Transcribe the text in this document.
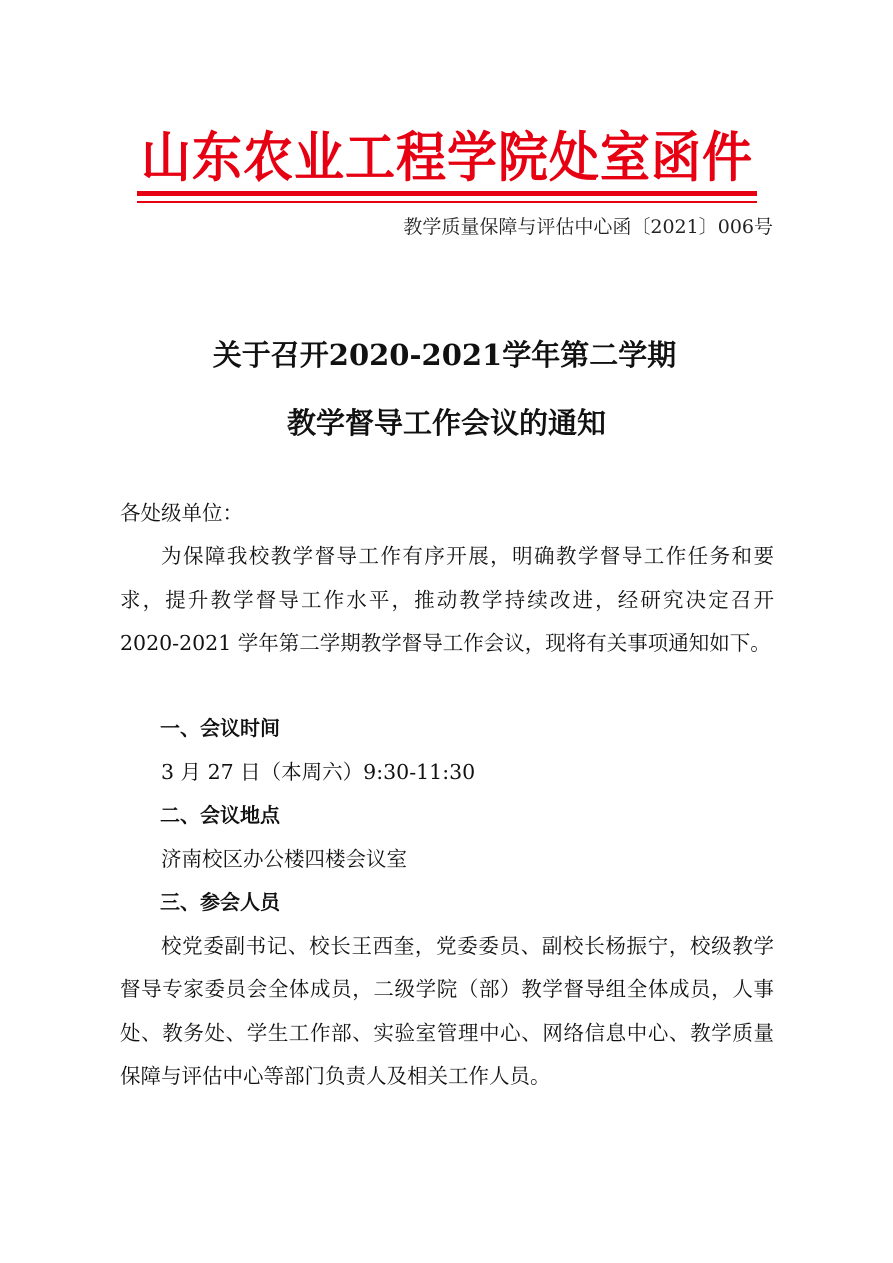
山东农业工程学院处室函件
教学质量保障与评估中心函〔2021〕006号
关于召开2020-2021学年第二学期
教学督导工作会议的通知
各处级单位：
为保障我校教学督导工作有序开展，明确教学督导工作任务和要求，提升教学督导工作水平，推动教学持续改进，经研究决定召开 2020-2021 学年第二学期教学督导工作会议，现将有关事项通知如下。
一、会议时间
3 月 27 日（本周六）9:30-11:30
二、会议地点
济南校区办公楼四楼会议室
三、参会人员
校党委副书记、校长王西奎，党委委员、副校长杨振宁，校级教学督导专家委员会全体成员，二级学院（部）教学督导组全体成员，人事处、教务处、学生工作部、实验室管理中心、网络信息中心、教学质量保障与评估中心等部门负责人及相关工作人员。
